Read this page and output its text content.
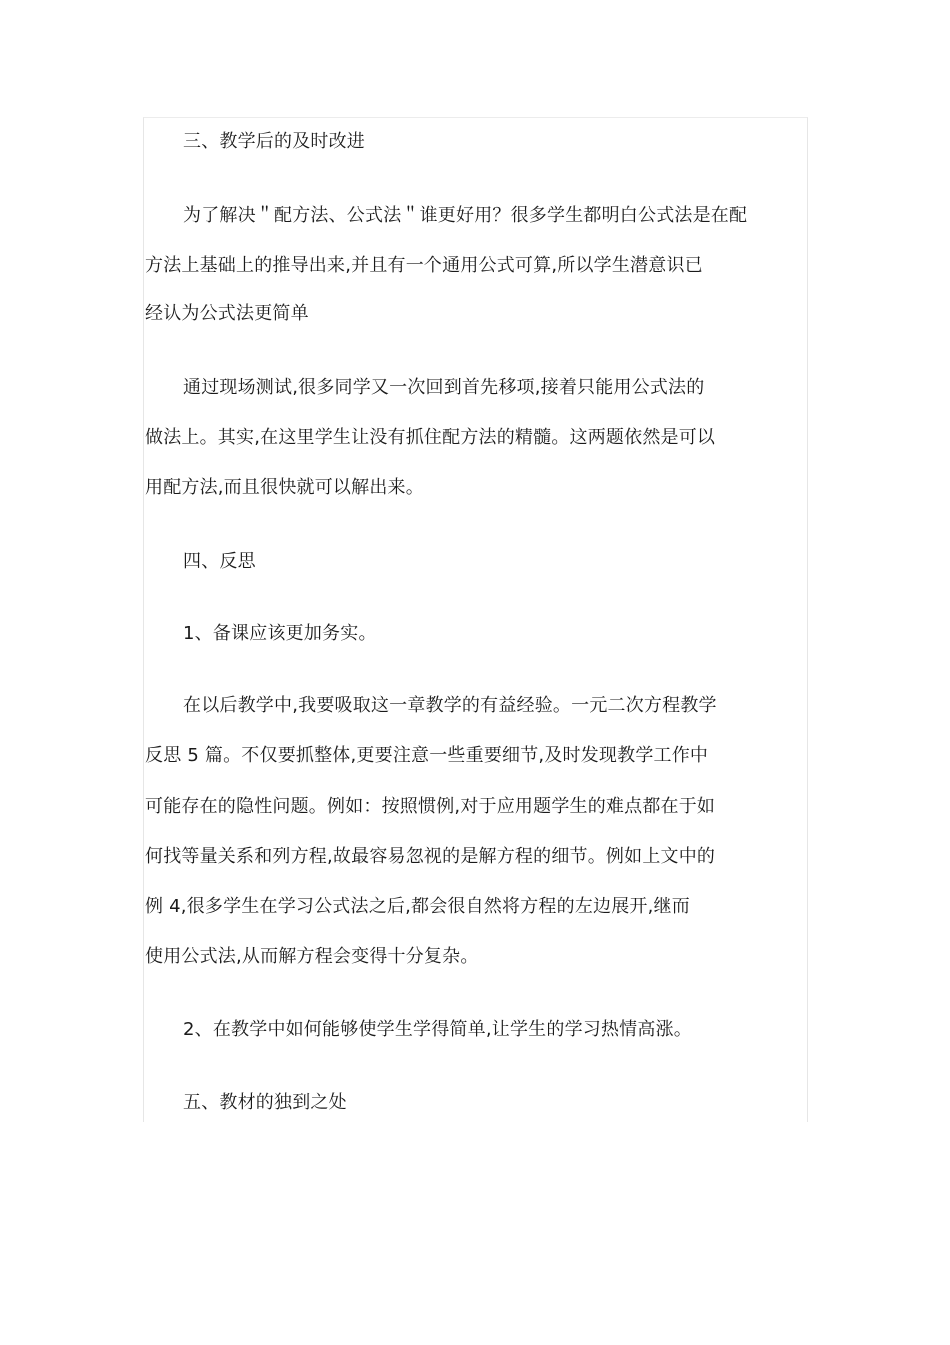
三、教学后的及时改进
为了解决＂配方法、公式法＂谁更好用？很多学生都明白公式法是在配
方法上基础上的推导出来,并且有一个通用公式可算,所以学生潜意识已
经认为公式法更简单
通过现场测试,很多同学又一次回到首先移项,接着只能用公式法的
做法上。其实,在这里学生让没有抓住配方法的精髓。这两题依然是可以
用配方法,而且很快就可以解出来。
四、反思
1、备课应该更加务实。
在以后教学中,我要吸取这一章教学的有益经验。一元二次方程教学
反思 5 篇。不仅要抓整体,更要注意一些重要细节,及时发现教学工作中
可能存在的隐性问题。例如：按照惯例,对于应用题学生的难点都在于如
何找等量关系和列方程,故最容易忽视的是解方程的细节。例如上文中的
例 4,很多学生在学习公式法之后,都会很自然将方程的左边展开,继而
使用公式法,从而解方程会变得十分复杂。
2、在教学中如何能够使学生学得简单,让学生的学习热情高涨。
五、教材的独到之处
